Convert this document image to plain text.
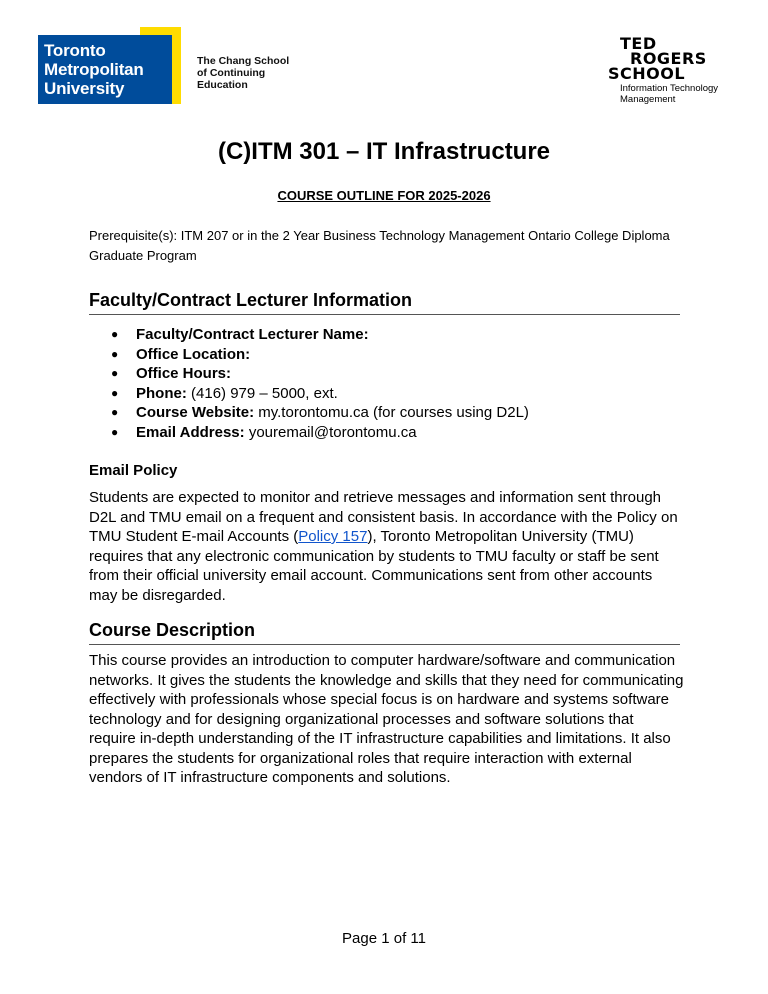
Toronto
Metropolitan
University
The Chang School
of Continuing
Education
TED
ROGERS
SCHOOL
Information Technology
Management
(C)ITM 301 – IT Infrastructure
COURSE OUTLINE FOR 2025-2026
Prerequisite(s): ITM 207 or in the 2 Year Business Technology Management Ontario College Diploma Graduate Program
Faculty/Contract Lecturer Information
● Faculty/Contract Lecturer Name:
● Office Location:
● Office Hours:
● Phone: (416) 979 – 5000, ext.
● Course Website: my.torontomu.ca (for courses using D2L)
● Email Address: youremail@torontomu.ca
Email Policy

Students are expected to monitor and retrieve messages and information sent through D2L and TMU email on a frequent and consistent basis. In accordance with the Policy on TMU Student E-mail Accounts (Policy 157), Toronto Metropolitan University (TMU) requires that any electronic communication by students to TMU faculty or staff be sent from their official university email account. Communications sent from other accounts may be disregarded.

Course Description

This course provides an introduction to computer hardware/software and communication networks. It gives the students the knowledge and skills that they need for communicating effectively with professionals whose special focus is on hardware and systems software technology and for designing organizational processes and software solutions that require in-depth understanding of the IT infrastructure capabilities and limitations. It also prepares the students for organizational roles that require interaction with external vendors of IT infrastructure components and solutions.

Page 1 of 11
